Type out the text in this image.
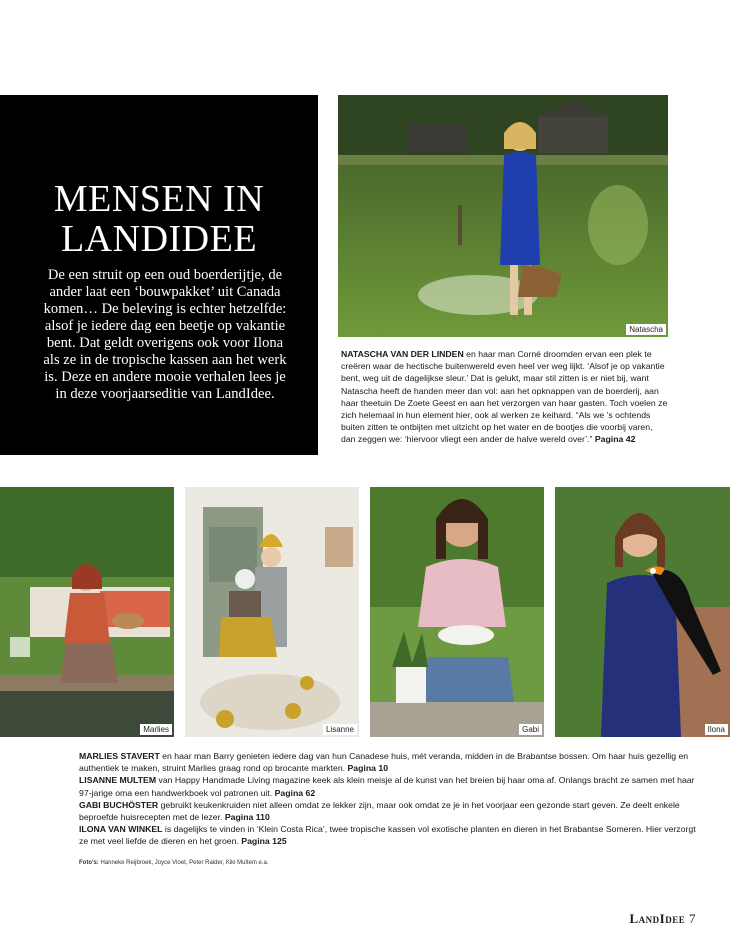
MENSEN IN
LANDIDEE

De een struit op een oud boerderijtje, de ander laat een ‘bouwpakket’ uit Canada komen… De beleving is echter hetzelfde: alsof je iedere dag een beetje op vakantie bent. Dat geldt overigens ook voor Ilona als ze in de tropische kassen aan het werk is. Deze en andere mooie verhalen lees je in deze voorjaarseditie van LandIdee.

Natascha

NATASCHA VAN DER LINDEN en haar man Corné droomden ervan een plek te creëren waar de hectische buitenwereld even heel ver weg lijkt. ‘Alsof je op vakantie bent, weg uit de dagelijkse sleur.’ Dat is gelukt, maar stil zitten is er niet bij, want Natascha heeft de handen meer dan vol: aan het opknappen van de boerderij, aan haar theetuin De Zoete Geest en aan het verzorgen van haar gasten. Toch voelen ze zich helemaal in hun element hier, ook al werken ze keihard. “Als we ’s ochtends buiten zitten te ontbijten met uitzicht op het water en de bootjes die voorbij varen, dan zeggen we: ‘hiervoor vliegt een ander de halve wereld over’.” Pagina 42

Marlies	Lisanne	Gabi	Ilona

MARLIES STAVERT en haar man Barry genieten iedere dag van hun Canadese huis, mét veranda, midden in de Brabantse bossen. Om haar huis gezellig en authentiek te maken, struint Marlies graag rond op brocante markten. Pagina 10

LISANNE MULTEM van Happy Handmade Living magazine keek als klein meisje al de kunst van het breien bij haar oma af. Onlangs bracht ze samen met haar 97-jarige oma een handwerkboek vol patronen uit. Pagina 62

GABI BUCHÖSTER gebruikt keukenkruiden niet alleen omdat ze lekker zijn, maar ook omdat ze je in het voorjaar een gezonde start geven. Ze deelt enkele beproefde huisrecepten met de lezer. Pagina 110

ILONA VAN WINKEL is dagelijks te vinden in ‘Klein Costa Rica’, twee tropische kassen vol exotische planten en dieren in het Brabantse Someren. Hier verzorgt ze met veel liefde de dieren en het groen. Pagina 125

Foto’s: Hanneke Reijbroek, Joyce Vloet, Peter Raider, Kiki Multem e.a.
LandIdee 7
